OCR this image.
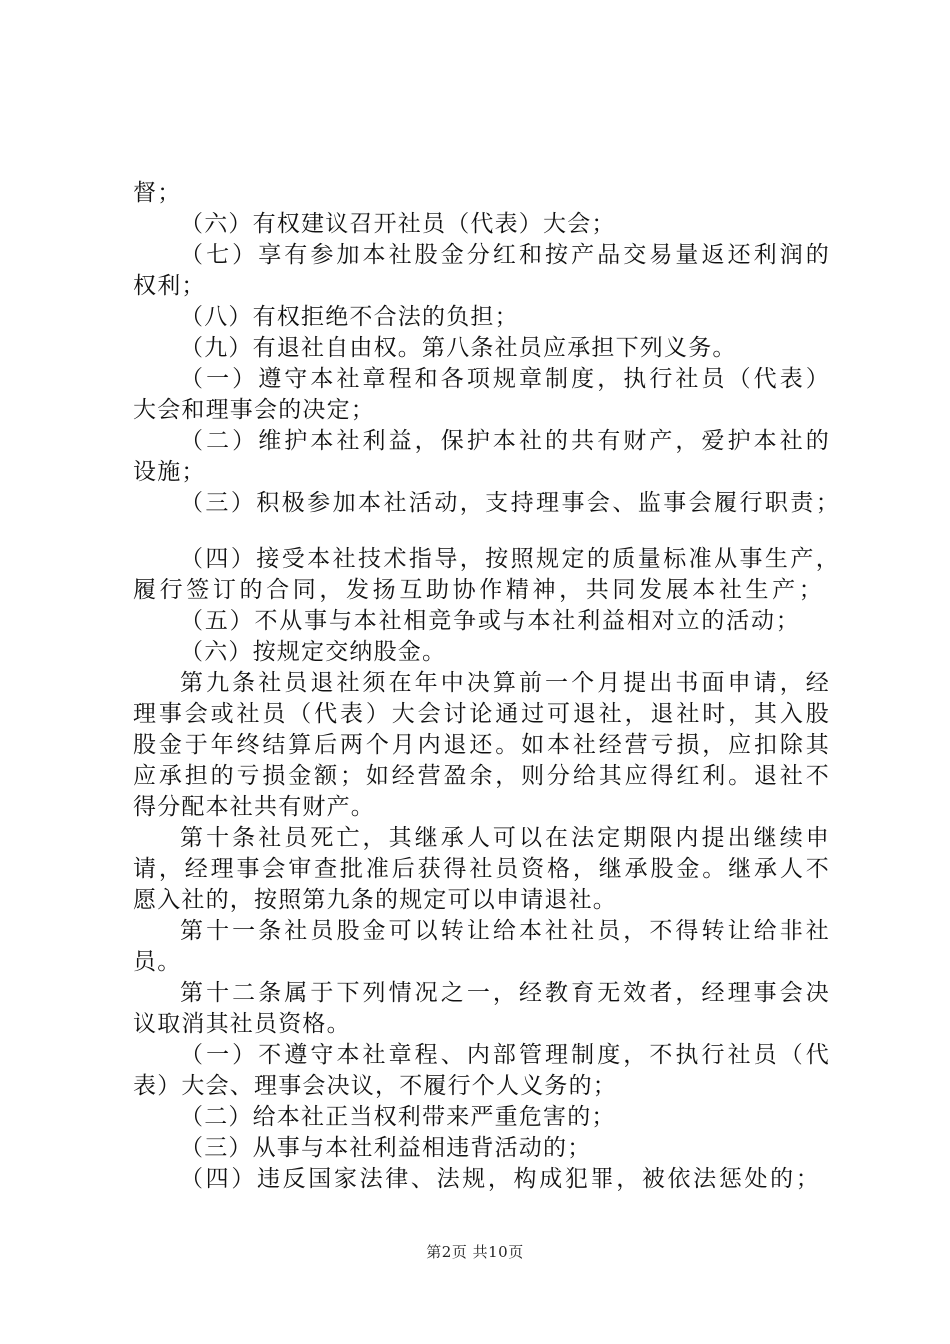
督；
（六）有权建议召开社员（代表）大会；
（七）享有参加本社股金分红和按产品交易量返还利润的
权利；
（八）有权拒绝不合法的负担；
（九）有退社自由权。第八条社员应承担下列义务。
（一）遵守本社章程和各项规章制度，执行社员（代表）
大会和理事会的决定；
（二）维护本社利益，保护本社的共有财产，爱护本社的
设施；
（三）积极参加本社活动，支持理事会、监事会履行职责；
（四）接受本社技术指导，按照规定的质量标准从事生产，
履行签订的合同，发扬互助协作精神，共同发展本社生产；
（五）不从事与本社相竞争或与本社利益相对立的活动；
（六）按规定交纳股金。
第九条社员退社须在年中决算前一个月提出书面申请，经
理事会或社员（代表）大会讨论通过可退社，退社时，其入股
股金于年终结算后两个月内退还。如本社经营亏损，应扣除其
应承担的亏损金额；如经营盈余，则分给其应得红利。退社不
得分配本社共有财产。
第十条社员死亡，其继承人可以在法定期限内提出继续申
请，经理事会审查批准后获得社员资格，继承股金。继承人不
愿入社的，按照第九条的规定可以申请退社。
第十一条社员股金可以转让给本社社员，不得转让给非社
员。
第十二条属于下列情况之一，经教育无效者，经理事会决
议取消其社员资格。
（一）不遵守本社章程、内部管理制度，不执行社员（代
表）大会、理事会决议，不履行个人义务的；
（二）给本社正当权利带来严重危害的；
（三）从事与本社利益相违背活动的；
（四）违反国家法律、法规，构成犯罪，被依法惩处的；
第2页 共10页
